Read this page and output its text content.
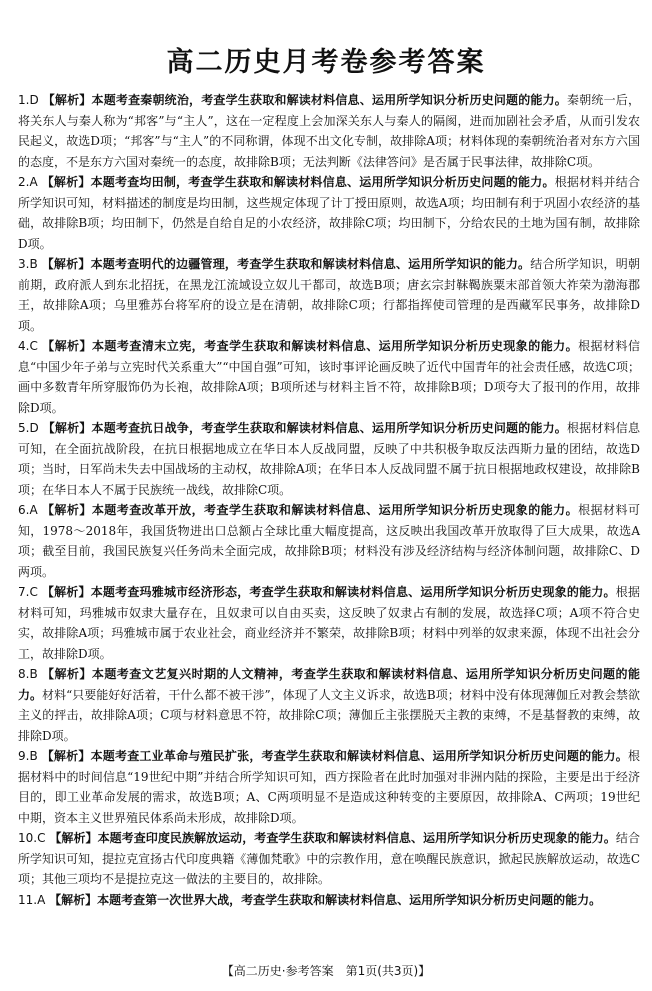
高二历史月考卷参考答案

1.D 【解析】本题考查秦朝统治，考查学生获取和解读材料信息、运用所学知识分析历史问题的能力。秦朝统一后，将关东人与秦人称为“邦客”与“主人”，这在一定程度上会加深关东人与秦人的隔阂，进而加剧社会矛盾，从而引发农民起义，故选D项；“邦客”与“主人”的不同称谓，体现不出文化专制，故排除A项；材料体现的秦朝统治者对东方六国的态度，不是东方六国对秦统一的态度，故排除B项；无法判断《法律答问》是否属于民事法律，故排除C项。

2.A 【解析】本题考查均田制，考查学生获取和解读材料信息、运用所学知识分析历史问题的能力。根据材料并结合所学知识可知，材料描述的制度是均田制，这些规定体现了计丁授田原则，故选A项；均田制有利于巩固小农经济的基础，故排除B项；均田制下，仍然是自给自足的小农经济，故排除C项；均田制下，分给农民的土地为国有制，故排除D项。

3.B 【解析】本题考查明代的边疆管理，考查学生获取和解读材料信息、运用所学知识的能力。结合所学知识，明朝前期，政府派人到东北招抚，在黑龙江流域设立奴儿干都司，故选B项；唐玄宗封靺鞨族粟末部首领大祚荣为渤海郡王，故排除A项；乌里雅苏台将军府的设立是在清朝，故排除C项；行都指挥使司管理的是西藏军民事务，故排除D项。

4.C 【解析】本题考查清末立宪，考查学生获取和解读材料信息、运用所学知识分析历史现象的能力。根据材料信息“中国少年子弟与立宪时代关系重大”“中国自强”可知，该时事评论画反映了近代中国青年的社会责任感，故选C项；画中多数青年所穿服饰仍为长袍，故排除A项；B项所述与材料主旨不符，故排除B项；D项夸大了报刊的作用，故排除D项。

5.D 【解析】本题考查抗日战争，考查学生获取和解读材料信息、运用所学知识分析历史问题的能力。根据材料信息可知，在全面抗战阶段，在抗日根据地成立在华日本人反战同盟，反映了中共积极争取反法西斯力量的团结，故选D项；当时，日军尚未失去中国战场的主动权，故排除A项；在华日本人反战同盟不属于抗日根据地政权建设，故排除B项；在华日本人不属于民族统一战线，故排除C项。

6.A 【解析】本题考查改革开放，考查学生获取和解读材料信息、运用所学知识分析历史现象的能力。根据材料可知，1978～2018年，我国货物进出口总额占全球比重大幅度提高，这反映出我国改革开放取得了巨大成果，故选A项；截至目前，我国民族复兴任务尚未全面完成，故排除B项；材料没有涉及经济结构与经济体制问题，故排除C、D两项。

7.C 【解析】本题考查玛雅城市经济形态，考查学生获取和解读材料信息、运用所学知识分析历史现象的能力。根据材料可知，玛雅城市奴隶大量存在，且奴隶可以自由买卖，这反映了奴隶占有制的发展，故选择C项；A项不符合史实，故排除A项；玛雅城市属于农业社会，商业经济并不繁荣，故排除B项；材料中列举的奴隶来源，体现不出社会分工，故排除D项。

8.B 【解析】本题考查文艺复兴时期的人文精神，考查学生获取和解读材料信息、运用所学知识分析历史问题的能力。材料“只要能好好活着，干什么都不被干涉”，体现了人文主义诉求，故选B项；材料中没有体现薄伽丘对教会禁欲主义的抨击，故排除A项；C项与材料意思不符，故排除C项；薄伽丘主张摆脱天主教的束缚，不是基督教的束缚，故排除D项。

9.B 【解析】本题考查工业革命与殖民扩张，考查学生获取和解读材料信息、运用所学知识分析历史问题的能力。根据材料中的时间信息“19世纪中期”并结合所学知识可知，西方探险者在此时加强对非洲内陆的探险，主要是出于经济目的，即工业革命发展的需求，故选B项；A、C两项明显不是造成这种转变的主要原因，故排除A、C两项；19世纪中期，资本主义世界殖民体系尚未形成，故排除D项。

10.C 【解析】本题考查印度民族解放运动，考查学生获取和解读材料信息、运用所学知识分析历史现象的能力。结合所学知识可知，提拉克宣扬古代印度典籍《薄伽梵歌》中的宗教作用，意在唤醒民族意识，掀起民族解放运动，故选C项；其他三项均不是提拉克这一做法的主要目的，故排除。

11.A 【解析】本题考查第一次世界大战，考查学生获取和解读材料信息、运用所学知识分析历史问题的能力。

【高二历史·参考答案　第1页(共3页)】
